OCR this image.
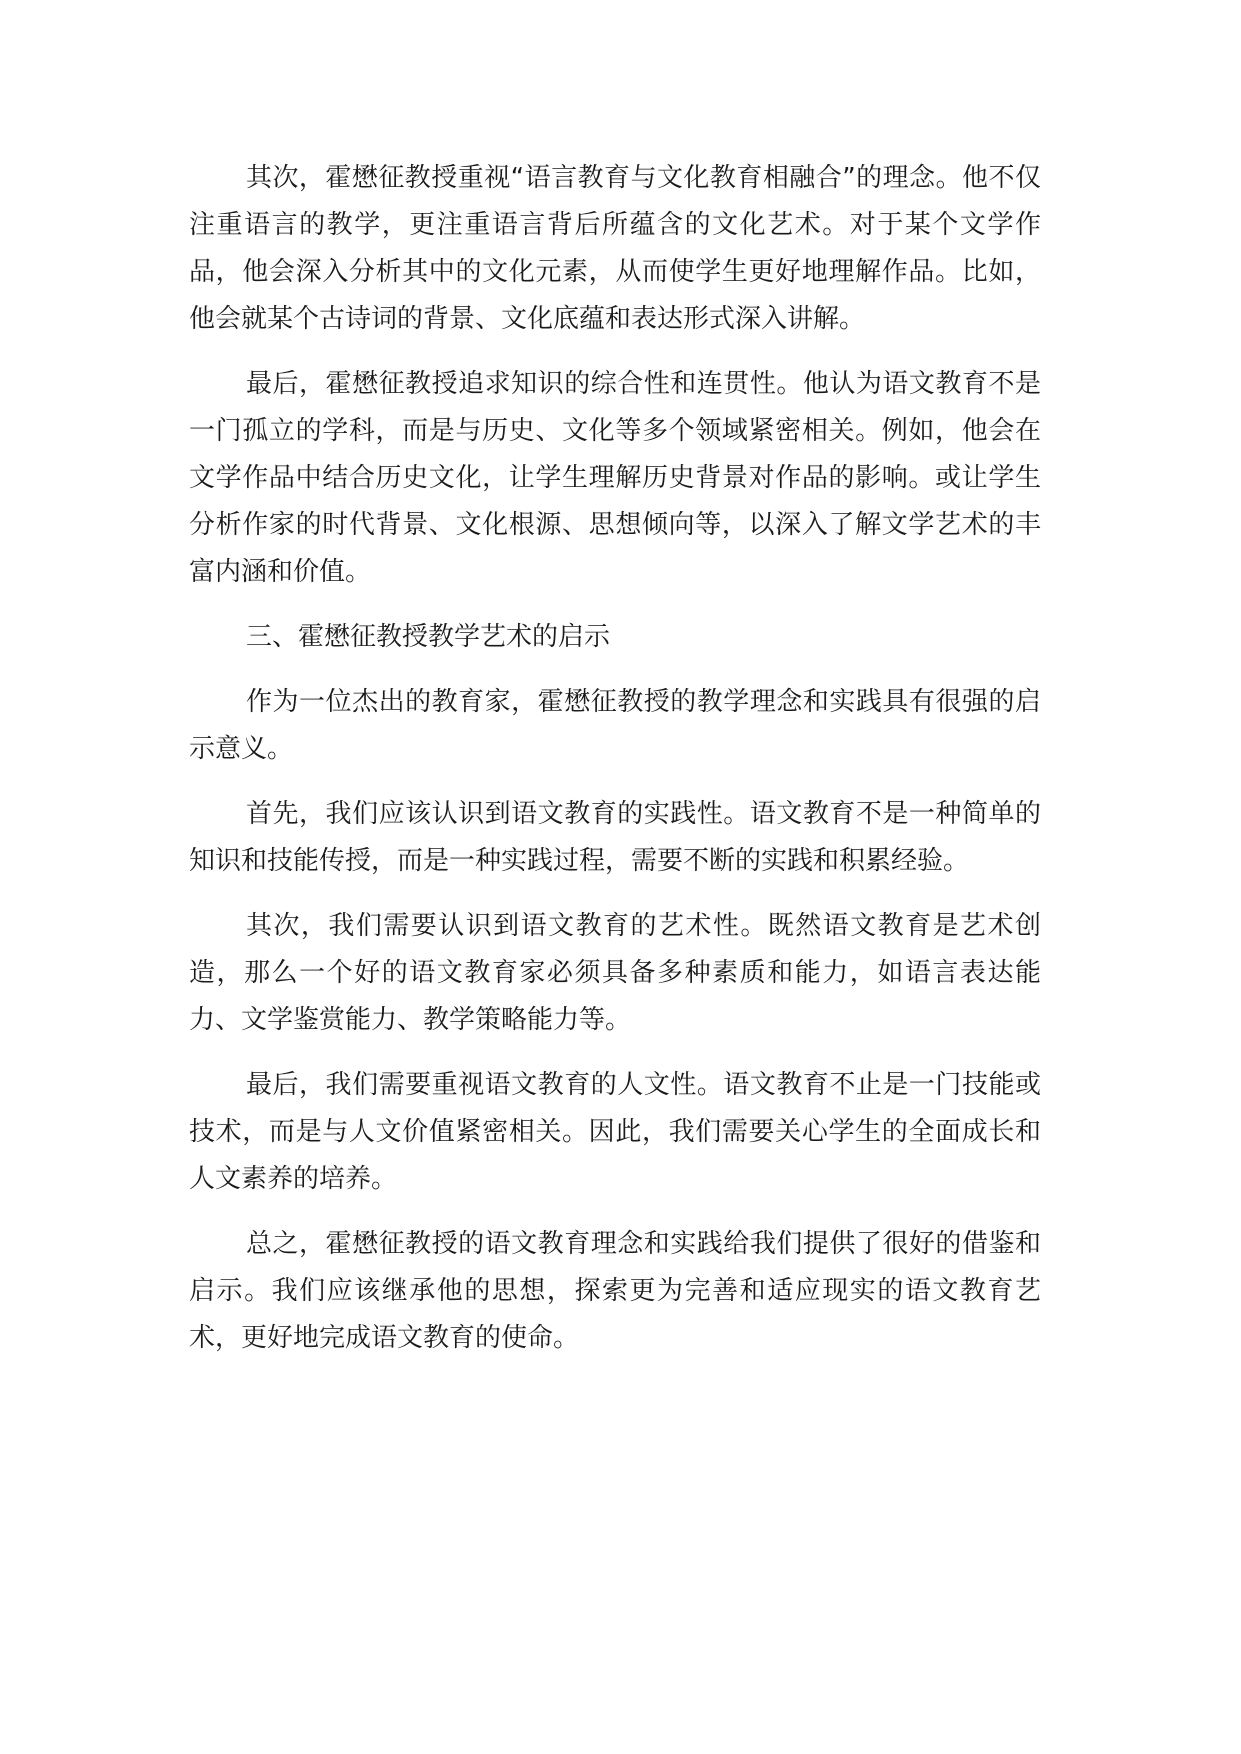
其次，霍懋征教授重视“语言教育与文化教育相融合”的理念。他不仅注重语言的教学，更注重语言背后所蕴含的文化艺术。对于某个文学作品，他会深入分析其中的文化元素，从而使学生更好地理解作品。比如，他会就某个古诗词的背景、文化底蕴和表达形式深入讲解。

最后，霍懋征教授追求知识的综合性和连贯性。他认为语文教育不是一门孤立的学科，而是与历史、文化等多个领域紧密相关。例如，他会在文学作品中结合历史文化，让学生理解历史背景对作品的影响。或让学生分析作家的时代背景、文化根源、思想倾向等，以深入了解文学艺术的丰富内涵和价值。

三、霍懋征教授教学艺术的启示

作为一位杰出的教育家，霍懋征教授的教学理念和实践具有很强的启示意义。

首先，我们应该认识到语文教育的实践性。语文教育不是一种简单的知识和技能传授，而是一种实践过程，需要不断的实践和积累经验。

其次，我们需要认识到语文教育的艺术性。既然语文教育是艺术创造，那么一个好的语文教育家必须具备多种素质和能力，如语言表达能力、文学鉴赏能力、教学策略能力等。

最后，我们需要重视语文教育的人文性。语文教育不止是一门技能或技术，而是与人文价值紧密相关。因此，我们需要关心学生的全面成长和人文素养的培养。

总之，霍懋征教授的语文教育理念和实践给我们提供了很好的借鉴和启示。我们应该继承他的思想，探索更为完善和适应现实的语文教育艺术，更好地完成语文教育的使命。
